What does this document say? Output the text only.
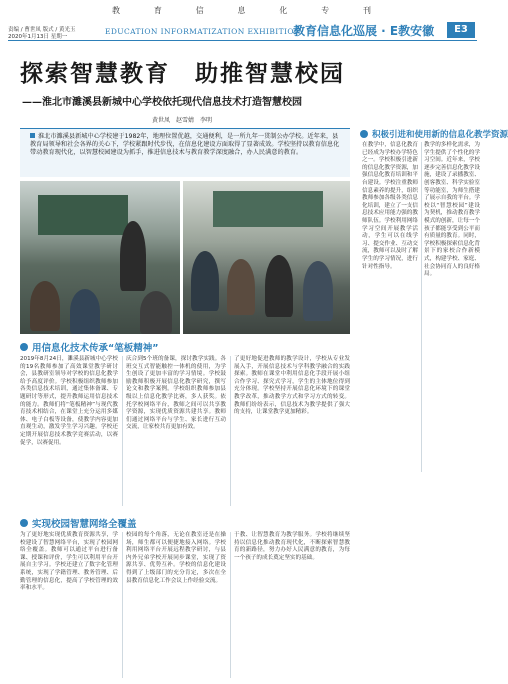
教	育	信	息	化	专	刊
责编 / 曹世凤 版式 / 黄光玉
2020年1月13日 星期一
EDUCATION INFORMATIZATION EXHIBITION
教育信息化巡展 · E教安徽	E3
探索智慧教育　助推智慧校园
——淮北市濉溪县新城中心学校依托现代信息技术打造智慧校园
黄世凤　赵雪婧　李明
淮北市濉溪县新城中心学校建于1982年，地理位置优越，交通便利，是一所九年一贯制公办学校。近年来，县教育局领导和社会各界的关心下，学校紧跟时代步伐，在信息化建设方面取得了显著成效。学校坚持以教育信息化带动教育现代化，以智慧校园建设为抓手，推进信息技术与教育教学深度融合，办人民满意的教育。
用信息化技术传承“笔板精神”
2019年8月24日，濉溪县新城中心学校的19名教师参加了高效课堂教学研讨会，县教研室领导对学校的信息化教学给予高度评价。学校积极组织教师参加各类信息技术培训，通过集体备课、专题研讨等形式，提升教师运用信息技术的能力。教师们将“笔板精神”与现代教育技术相结合，在课堂上充分运用多媒体、电子白板等设备，使教学内容更加直观生动，激发学生学习兴趣。学校还定期开展信息技术教学竞赛活动，以赛促学，以赛促用。
庆合到5个班的备课，探讨教学实践。各班交互式智能触控一体机的使用，为学生创设了更加丰富的学习情境。学校鼓励教师积极开展信息化教学研究，撰写论文和教学案例。学校组织教师参加县级以上信息化教学比赛，多人获奖。依托学校网络平台，教师之间可以共享教学资源，实现优质资源共建共享。教师们通过网络平台与学生、家长进行互动交流，让家校共育更加有效。
了更好地促进教师的教学设计，学校从专业发展入手，开展信息技术与学科教学融合的实践探索。教师在课堂中利用信息化手段开展小组合作学习、探究式学习，学生的主体地位得到充分体现。学校坚持开展信息化环境下的课堂教学改革，推动教学方式和学习方式的转变。教师们纷纷表示，信息技术为教学提供了强大的支持，让课堂教学更加精彩。
积极引进和使用新的信息化教学资源
在教学中，信息化教育已经成为学校办学特色之一。学校积极引进新的信息化教学资源，加强信息化教育培训和平台建设。学校注重教师信息素养的提升，组织教师参加各级各类信息化培训，建立了一支信息技术应用能力强的教师队伍。学校利用网络学习空间开展教学活动，学生可以在线学习、提交作业、互动交流，教师可以及时了解学生的学习情况，进行针对性指导。
教学的多样化需求，为学生提供了个性化的学习空间。近年来，学校逐步完善信息化教学设施，建设了录播教室、创客教室、科学实验室等功能室，为师生搭建了展示自我的平台。学校以“智慧校园”建设为契机，推动教育教学模式的创新，让每一个孩子都能享受到公平而有质量的教育。同时，学校积极探索信息化背景下的家校合作新模式，构建学校、家庭、社会协同育人的良好格局。
实现校园智慧网络全覆盖
为了更好地实现优质教育资源共享，学校建设了智慧网络平台，实现了校园网络全覆盖。教师可以通过平台进行备课、授课和评价，学生可以利用平台开展自主学习。学校还建立了数字化管理系统，实现了学籍管理、教务管理、后勤管理的信息化，提高了学校管理的效率和水平。
校园的每个角落，无论在教室还是在操场，师生都可以便捷地接入网络。学校利用网络平台开展远程教学研讨，与县内外兄弟学校开展同步课堂，实现了资源共享、优势互补。学校的信息化建设得到了上级部门的充分肯定，多次在全县教育信息化工作会议上作经验交流。
于教、让智慧教育为教学服务。学校将继续坚持以信息化推动教育现代化，不断探索智慧教育的新路径，努力办好人民满意的教育，为每一个孩子的成长奠定坚实的基础。
